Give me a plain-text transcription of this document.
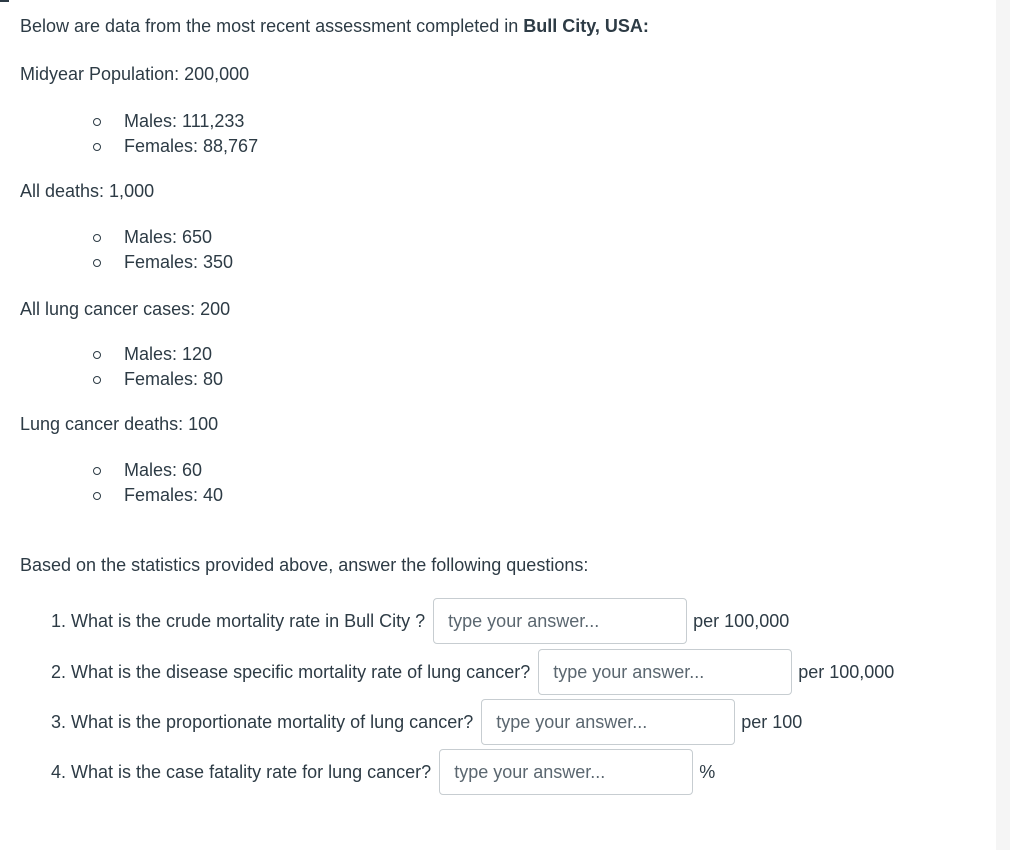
Below are data from the most recent assessment completed in Bull City, USA:

Midyear Population: 200,000

Males: 111,233
Females: 88,767

All deaths: 1,000

Males: 650
Females: 350

All lung cancer cases: 200

Males: 120
Females: 80

Lung cancer deaths: 100

Males: 60
Females: 40

Based on the statistics provided above, answer the following questions:

1. What is the crude mortality rate in Bull City ?
type your answer...	per 100,000
2. What is the disease specific mortality rate of lung cancer?
type your answer...	per 100,000
3. What is the proportionate mortality of lung cancer?
type your answer...	per 100
4. What is the case fatality rate for lung cancer?
type your answer...	%
